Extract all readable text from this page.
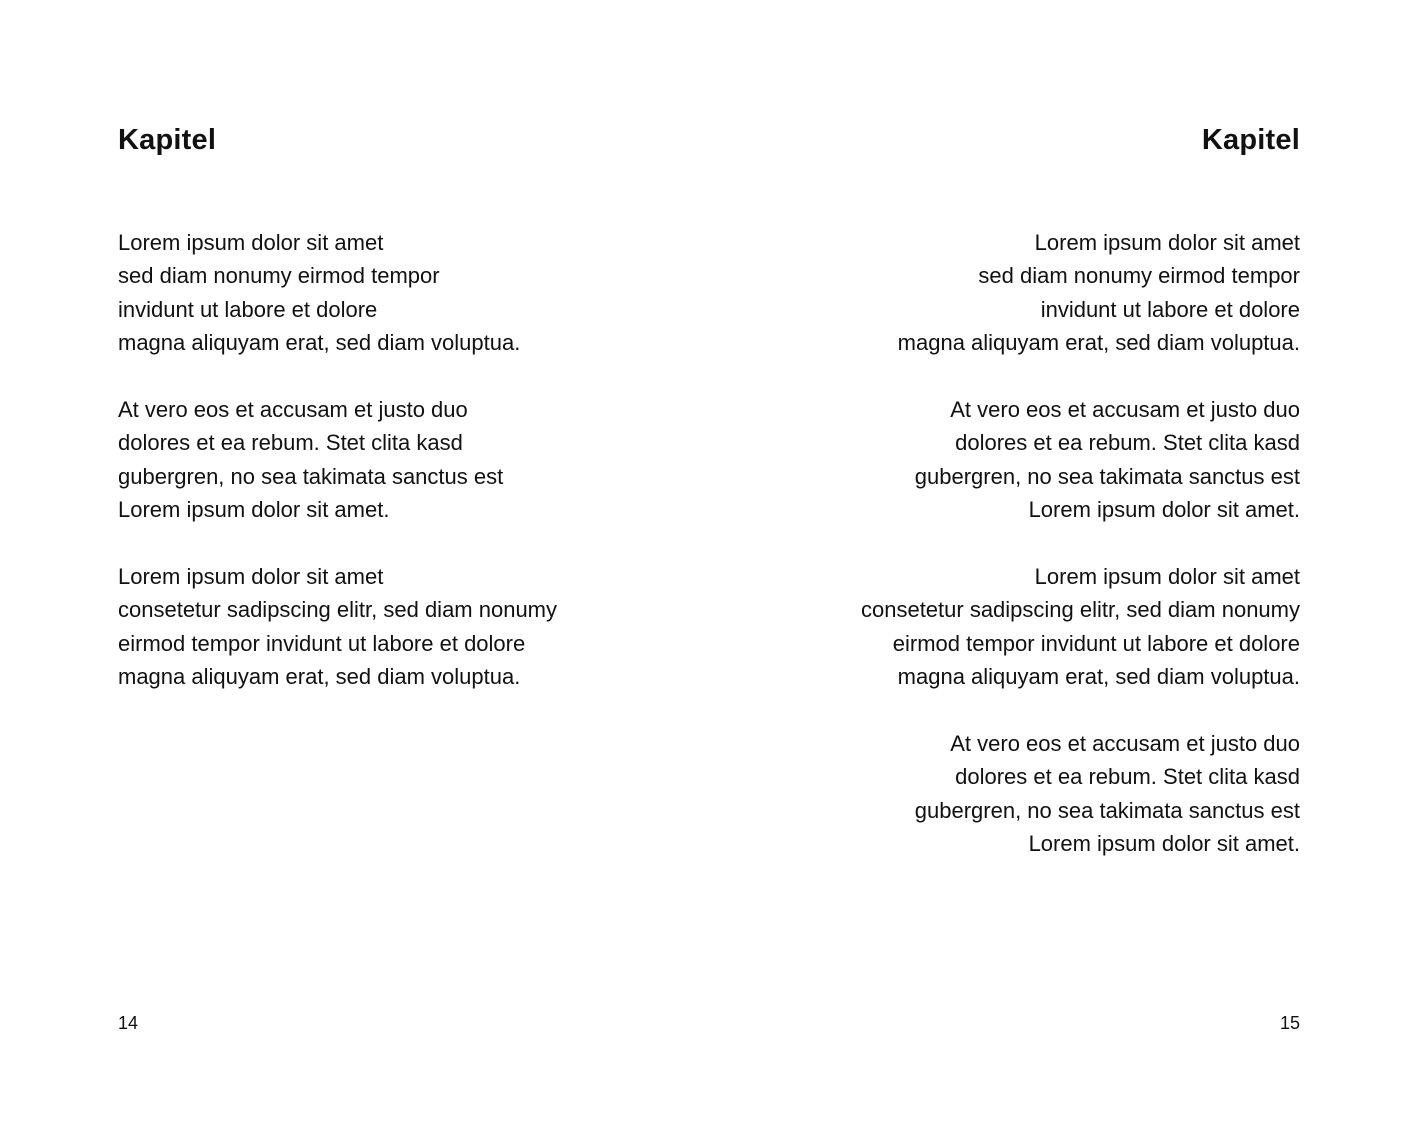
Kapitel

Lorem ipsum dolor sit amet
sed diam nonumy eirmod tempor
invidunt ut labore et dolore
magna aliquyam erat, sed diam voluptua.

At vero eos et accusam et justo duo
dolores et ea rebum. Stet clita kasd
gubergren, no sea takimata sanctus est
Lorem ipsum dolor sit amet.

Lorem ipsum dolor sit amet
consetetur sadipscing elitr, sed diam nonumy
eirmod tempor invidunt ut labore et dolore
magna aliquyam erat, sed diam voluptua.

14
Kapitel

Lorem ipsum dolor sit amet
sed diam nonumy eirmod tempor
invidunt ut labore et dolore
magna aliquyam erat, sed diam voluptua.

At vero eos et accusam et justo duo
dolores et ea rebum. Stet clita kasd
gubergren, no sea takimata sanctus est
Lorem ipsum dolor sit amet.

Lorem ipsum dolor sit amet
consetetur sadipscing elitr, sed diam nonumy
eirmod tempor invidunt ut labore et dolore
magna aliquyam erat, sed diam voluptua.

At vero eos et accusam et justo duo
dolores et ea rebum. Stet clita kasd
gubergren, no sea takimata sanctus est
Lorem ipsum dolor sit amet.

15
